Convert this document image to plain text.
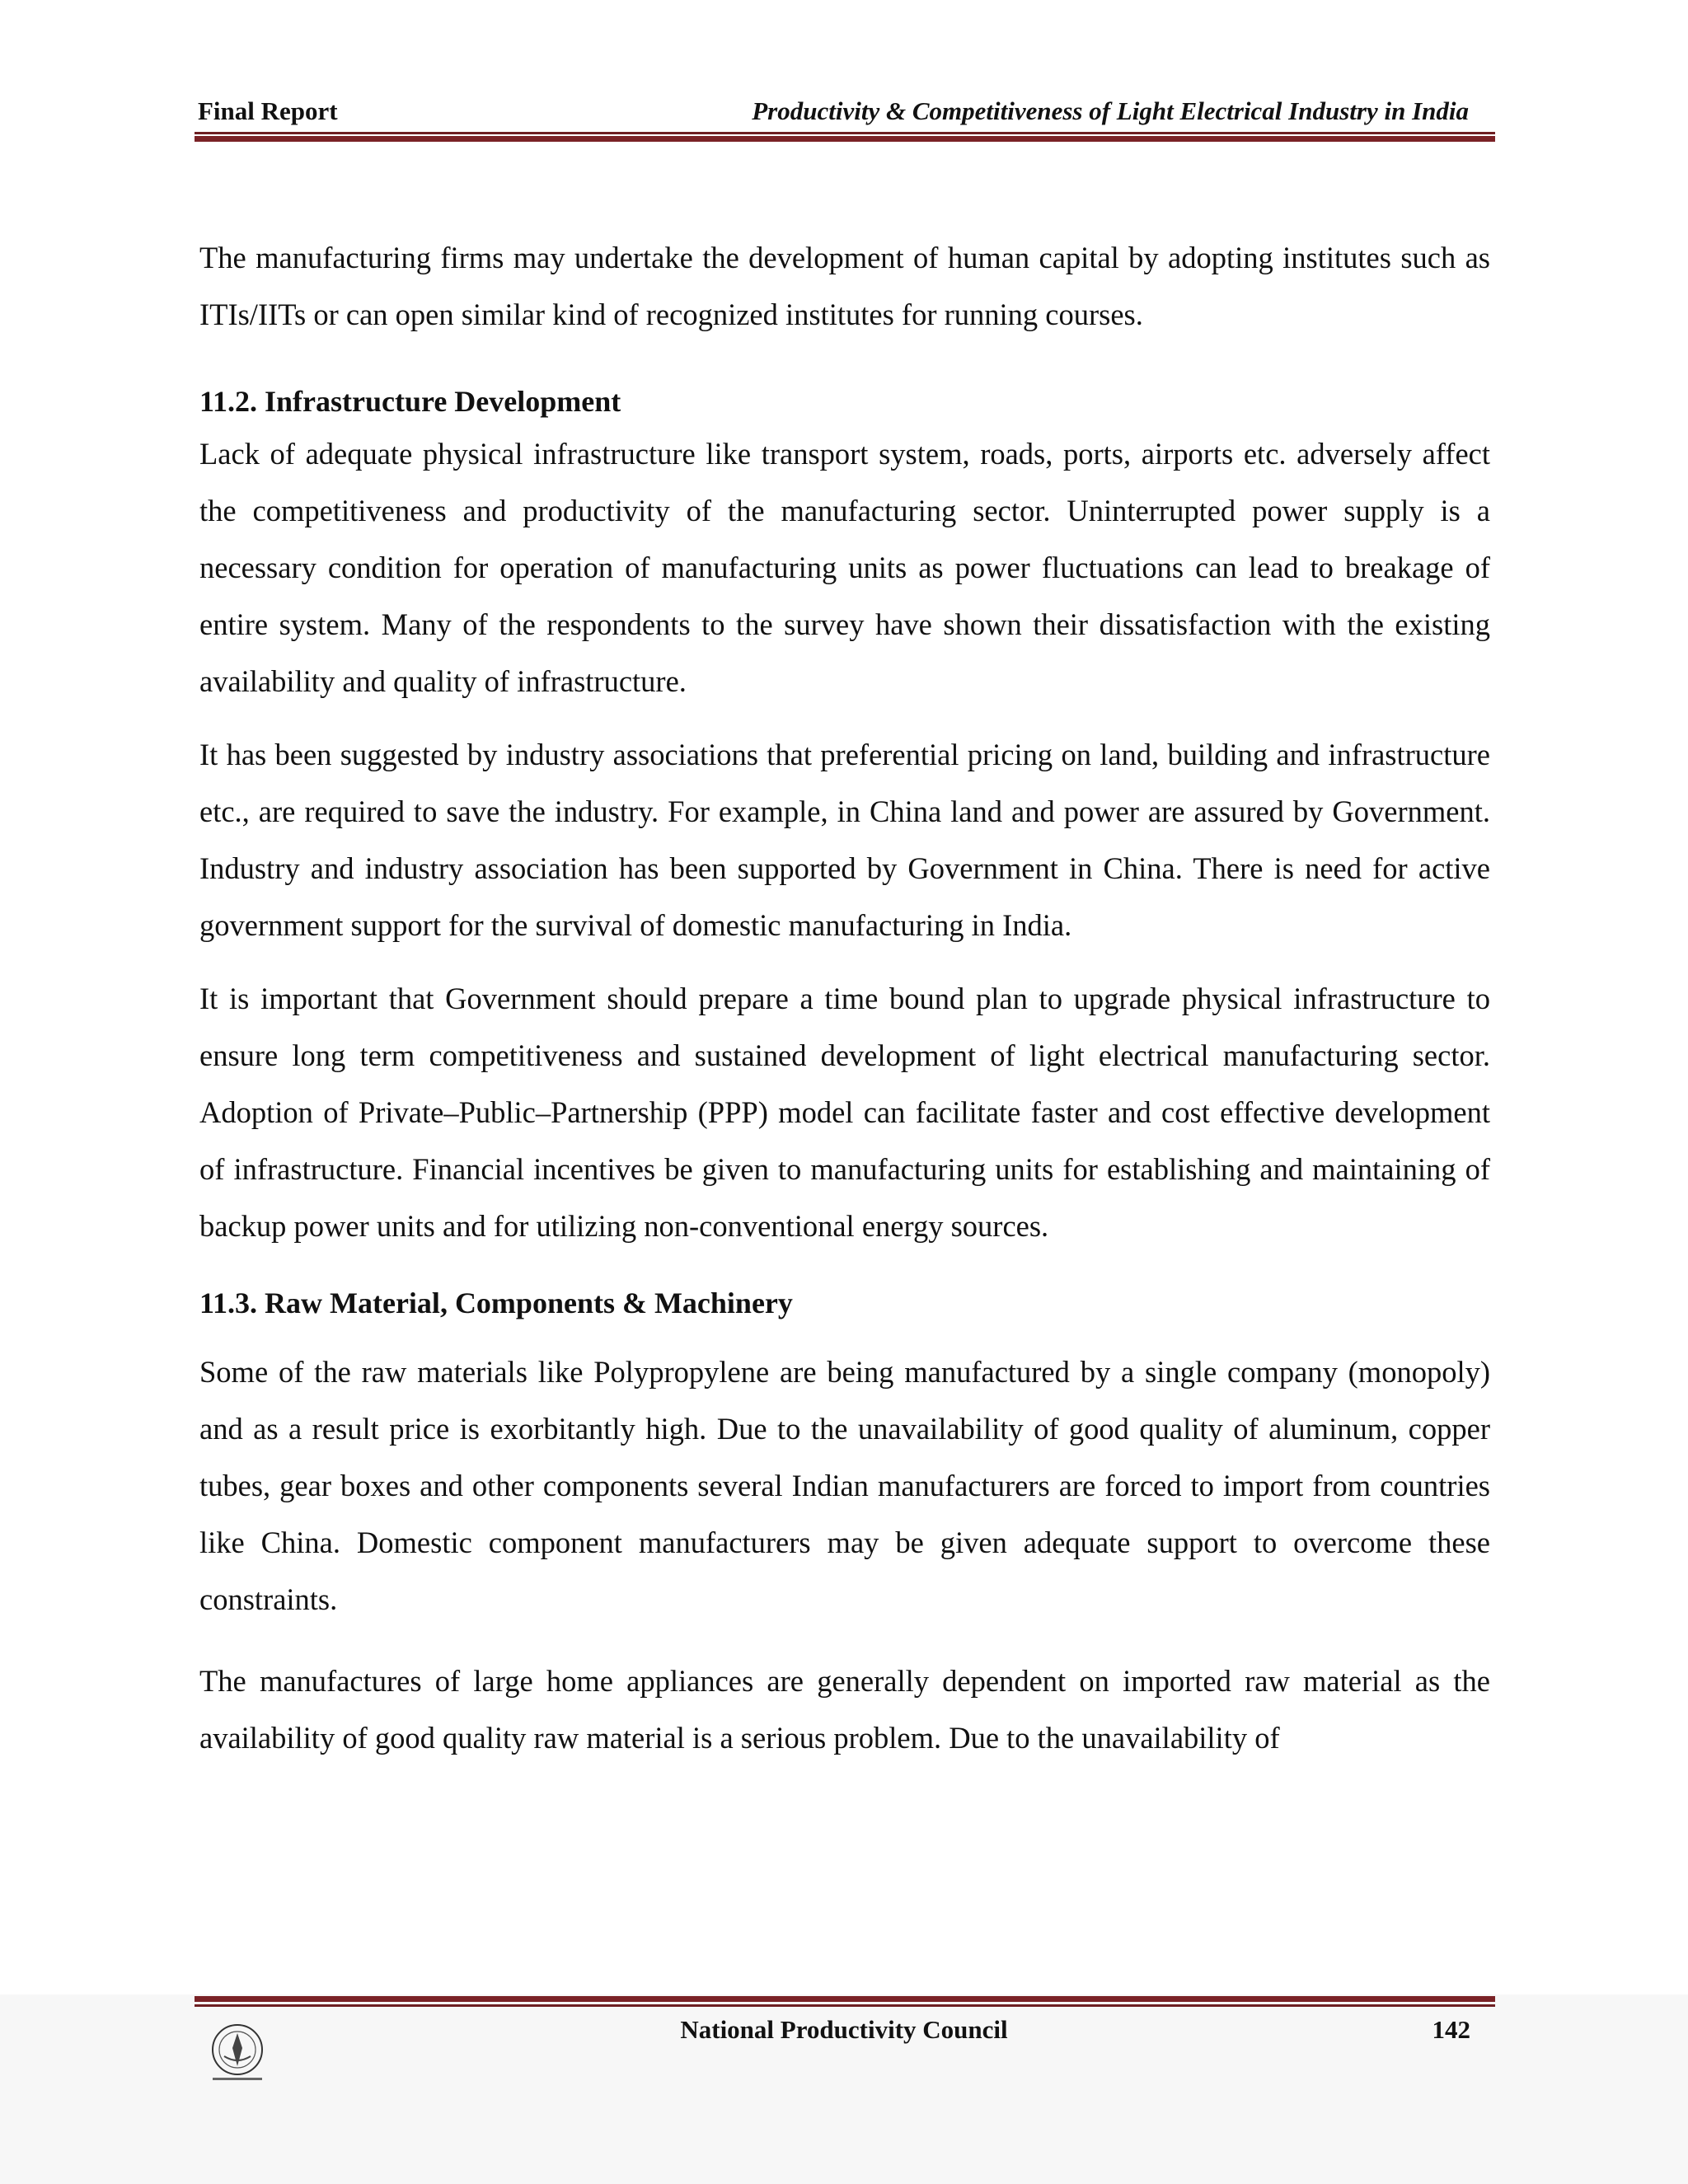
Final Report	Productivity & Competitiveness of Light Electrical Industry in India

The manufacturing firms may undertake the development of human capital by adopting institutes such as ITIs/IITs or can open similar kind of recognized institutes for running courses.

11.2. Infrastructure Development

Lack of adequate physical infrastructure like transport system, roads, ports, airports etc. adversely affect the competitiveness and productivity of the manufacturing sector. Uninterrupted power supply is a necessary condition for operation of manufacturing units as power fluctuations can lead to breakage of entire system. Many of the respondents to the survey have shown their dissatisfaction with the existing availability and quality of infrastructure.

It has been suggested by industry associations that preferential pricing on land, building and infrastructure etc., are required to save the industry. For example, in China land and power are assured by Government. Industry and industry association has been supported by Government in China. There is need for active government support for the survival of domestic manufacturing in India.

It is important that Government should prepare a time bound plan to upgrade physical infrastructure to ensure long term competitiveness and sustained development of light electrical manufacturing sector. Adoption of Private–Public–Partnership (PPP) model can facilitate faster and cost effective development of infrastructure. Financial incentives be given to manufacturing units for establishing and maintaining of backup power units and for utilizing non-conventional energy sources.

11.3. Raw Material, Components & Machinery

Some of the raw materials like Polypropylene are being manufactured by a single company (monopoly) and as a result price is exorbitantly high. Due to the unavailability of good quality of aluminum, copper tubes, gear boxes and other components several Indian manufacturers are forced to import from countries like China. Domestic component manufacturers may be given adequate support to overcome these constraints.

The manufactures of large home appliances are generally dependent on imported raw material as the availability of good quality raw material is a serious problem. Due to the unavailability of

National Productivity Council	142
